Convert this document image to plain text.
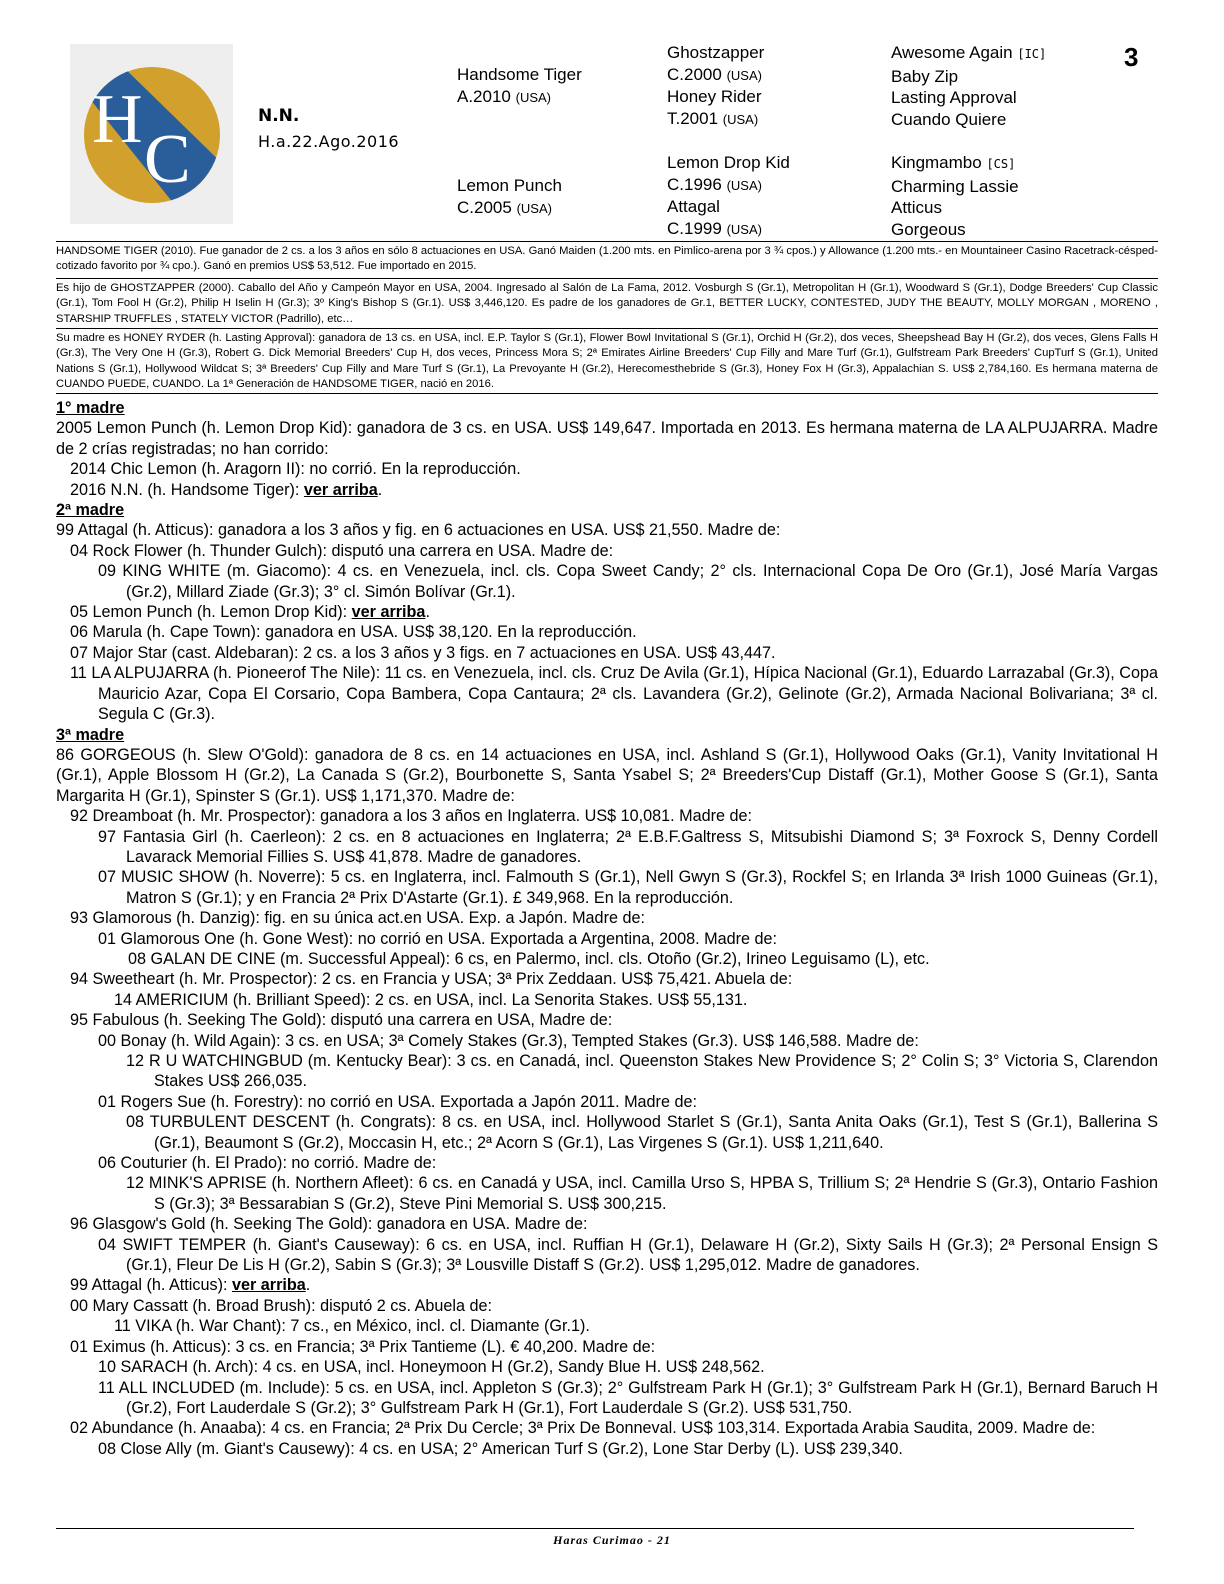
H
C
N.N.
H.a.22.Ago.2016
3
Handsome Tiger
A.2010 (USA)
Lemon Punch
C.2005 (USA)
Ghostzapper
C.2000 (USA)
Honey Rider
T.2001 (USA)
Lemon Drop Kid
C.1996 (USA)
Attagal
C.1999 (USA)
Awesome Again [IC]
Baby Zip
Lasting Approval
Cuando Quiere
Kingmambo [CS]
Charming Lassie
Atticus
Gorgeous
HANDSOME TIGER (2010). Fue ganador de 2 cs. a los 3 años en sólo 8 actuaciones en USA. Ganó Maiden (1.200 mts. en Pimlico-arena por 3 ¾ cpos.) y Allowance (1.200 mts.- en Mountaineer Casino Racetrack-césped-cotizado favorito por ¾ cpo.). Ganó en premios US$ 53,512. Fue importado en 2015.
Es hijo de GHOSTZAPPER (2000). Caballo del Año y Campeón Mayor en USA, 2004. Ingresado al Salón de La Fama, 2012. Vosburgh S (Gr.1), Metropolitan H (Gr.1), Woodward S (Gr.1), Dodge Breeders' Cup Classic (Gr.1), Tom Fool H (Gr.2), Philip H Iselin H (Gr.3); 3º King's Bishop S (Gr.1). US$ 3,446,120. Es padre de los ganadores de Gr.1, BETTER LUCKY, CONTESTED, JUDY THE BEAUTY, MOLLY MORGAN , MORENO , STARSHIP TRUFFLES , STATELY VICTOR (Padrillo), etc…
Su madre es HONEY RYDER (h. Lasting Approval): ganadora de 13 cs. en USA, incl. E.P. Taylor S (Gr.1), Flower Bowl Invitational S (Gr.1), Orchid H (Gr.2), dos veces, Sheepshead Bay H (Gr.2), dos veces, Glens Falls H (Gr.3), The Very One H (Gr.3), Robert G. Dick Memorial Breeders' Cup H, dos veces, Princess Mora S; 2ª Emirates Airline Breeders' Cup Filly and Mare Turf (Gr.1), Gulfstream Park Breeders' CupTurf S (Gr.1), United Nations S (Gr.1), Hollywood Wildcat S; 3ª Breeders' Cup Filly and Mare Turf S (Gr.1), La Prevoyante H (Gr.2), Herecomesthebride S (Gr.3), Honey Fox H (Gr.3), Appalachian S. US$ 2,784,160. Es hermana materna de CUANDO PUEDE, CUANDO. La 1ª Generación de HANDSOME TIGER, nació en 2016.

1° madre

2005 Lemon Punch (h. Lemon Drop Kid): ganadora de 3 cs. en USA. US$ 149,647. Importada en 2013. Es hermana materna de LA ALPUJARRA. Madre de 2 crías registradas; no han corrido:

2014 Chic Lemon (h. Aragorn II): no corrió. En la reproducción.

2016 N.N. (h. Handsome Tiger): ver arriba.

2ª madre

99 Attagal (h. Atticus): ganadora a los 3 años y fig. en 6 actuaciones en USA. US$ 21,550. Madre de:

04 Rock Flower (h. Thunder Gulch): disputó una carrera en USA. Madre de:

09 KING WHITE (m. Giacomo): 4 cs. en Venezuela, incl. cls. Copa Sweet Candy; 2° cls. Internacional Copa De Oro (Gr.1), José María Vargas (Gr.2), Millard Ziade (Gr.3); 3° cl. Simón Bolívar (Gr.1).

05 Lemon Punch (h. Lemon Drop Kid): ver arriba.

06 Marula (h. Cape Town): ganadora en USA. US$ 38,120. En la reproducción.

07 Major Star (cast. Aldebaran): 2 cs. a los 3 años y 3 figs. en 7 actuaciones en USA. US$ 43,447.

11 LA ALPUJARRA (h. Pioneerof The Nile): 11 cs. en Venezuela, incl. cls. Cruz De Avila (Gr.1), Hípica Nacional (Gr.1), Eduardo Larrazabal (Gr.3), Copa Mauricio Azar, Copa El Corsario, Copa Bambera, Copa Cantaura; 2ª cls. Lavandera (Gr.2), Gelinote (Gr.2), Armada Nacional Bolivariana; 3ª cl. Segula C (Gr.3).

3ª madre

86 GORGEOUS (h. Slew O'Gold): ganadora de 8 cs. en 14 actuaciones en USA, incl. Ashland S (Gr.1), Hollywood Oaks (Gr.1), Vanity Invitational H (Gr.1), Apple Blossom H (Gr.2), La Canada S (Gr.2), Bourbonette S, Santa Ysabel S; 2ª Breeders'Cup Distaff (Gr.1), Mother Goose S (Gr.1), Santa Margarita H (Gr.1), Spinster S (Gr.1). US$ 1,171,370. Madre de:

92 Dreamboat (h. Mr. Prospector): ganadora a los 3 años en Inglaterra. US$ 10,081. Madre de:

97 Fantasia Girl (h. Caerleon): 2 cs. en 8 actuaciones en Inglaterra; 2ª E.B.F.Galtress S, Mitsubishi Diamond S; 3ª Foxrock S, Denny Cordell Lavarack Memorial Fillies S. US$ 41,878. Madre de ganadores.

07 MUSIC SHOW (h. Noverre): 5 cs. en Inglaterra, incl. Falmouth S (Gr.1), Nell Gwyn S (Gr.3), Rockfel S; en Irlanda 3ª Irish 1000 Guineas (Gr.1), Matron S (Gr.1); y en Francia 2ª Prix D'Astarte (Gr.1). £ 349,968. En la reproducción.

93 Glamorous (h. Danzig): fig. en su única act.en USA. Exp. a Japón. Madre de:

01 Glamorous One (h. Gone West): no corrió en USA. Exportada a Argentina, 2008. Madre de:

08 GALAN DE CINE (m. Successful Appeal): 6 cs, en Palermo, incl. cls. Otoño (Gr.2), Irineo Leguisamo (L), etc.

94 Sweetheart (h. Mr. Prospector): 2 cs. en Francia y USA; 3ª Prix Zeddaan. US$ 75,421. Abuela de:

14 AMERICIUM (h. Brilliant Speed): 2 cs. en USA, incl. La Senorita Stakes. US$ 55,131.

95 Fabulous (h. Seeking The Gold): disputó una carrera en USA, Madre de:

00 Bonay (h. Wild Again): 3 cs. en USA; 3ª Comely Stakes (Gr.3), Tempted Stakes (Gr.3). US$ 146,588. Madre de:

12 R U WATCHINGBUD (m. Kentucky Bear): 3 cs. en Canadá, incl. Queenston Stakes New Providence S; 2° Colin S; 3° Victoria S, Clarendon Stakes US$ 266,035.

01 Rogers Sue (h. Forestry): no corrió en USA. Exportada a Japón 2011. Madre de:

08 TURBULENT DESCENT (h. Congrats): 8 cs. en USA, incl. Hollywood Starlet S (Gr.1), Santa Anita Oaks (Gr.1), Test S (Gr.1), Ballerina S (Gr.1), Beaumont S (Gr.2), Moccasin H, etc.; 2ª Acorn S (Gr.1), Las Virgenes S (Gr.1). US$ 1,211,640.

06 Couturier (h. El Prado): no corrió. Madre de:

12 MINK'S APRISE (h. Northern Afleet): 6 cs. en Canadá y USA, incl. Camilla Urso S, HPBA S, Trillium S; 2ª Hendrie S (Gr.3), Ontario Fashion S (Gr.3); 3ª Bessarabian S (Gr.2), Steve Pini Memorial S. US$ 300,215.

96 Glasgow's Gold (h. Seeking The Gold): ganadora en USA. Madre de:

04 SWIFT TEMPER (h. Giant's Causeway): 6 cs. en USA, incl. Ruffian H (Gr.1), Delaware H (Gr.2), Sixty Sails H (Gr.3); 2ª Personal Ensign S (Gr.1), Fleur De Lis H (Gr.2), Sabin S (Gr.3); 3ª Lousville Distaff S (Gr.2). US$ 1,295,012. Madre de ganadores.

99 Attagal (h. Atticus): ver arriba.

00 Mary Cassatt (h. Broad Brush): disputó 2 cs. Abuela de:

11 VIKA (h. War Chant): 7 cs., en México, incl. cl. Diamante (Gr.1).

01 Eximus (h. Atticus): 3 cs. en Francia; 3ª Prix Tantieme (L). € 40,200. Madre de:

10 SARACH (h. Arch): 4 cs. en USA, incl. Honeymoon H (Gr.2), Sandy Blue H. US$ 248,562.

11 ALL INCLUDED (m. Include): 5 cs. en USA, incl. Appleton S (Gr.3); 2° Gulfstream Park H (Gr.1); 3° Gulfstream Park H (Gr.1), Bernard Baruch H (Gr.2), Fort Lauderdale S (Gr.2); 3° Gulfstream Park H (Gr.1), Fort Lauderdale S (Gr.2). US$ 531,750.

02 Abundance (h. Anaaba): 4 cs. en Francia; 2ª Prix Du Cercle; 3ª Prix De Bonneval. US$ 103,314. Exportada Arabia Saudita, 2009. Madre de:

08 Close Ally (m. Giant's Causewy): 4 cs. en USA; 2° American Turf S (Gr.2), Lone Star Derby (L). US$ 239,340.

Haras Curimao - 21
